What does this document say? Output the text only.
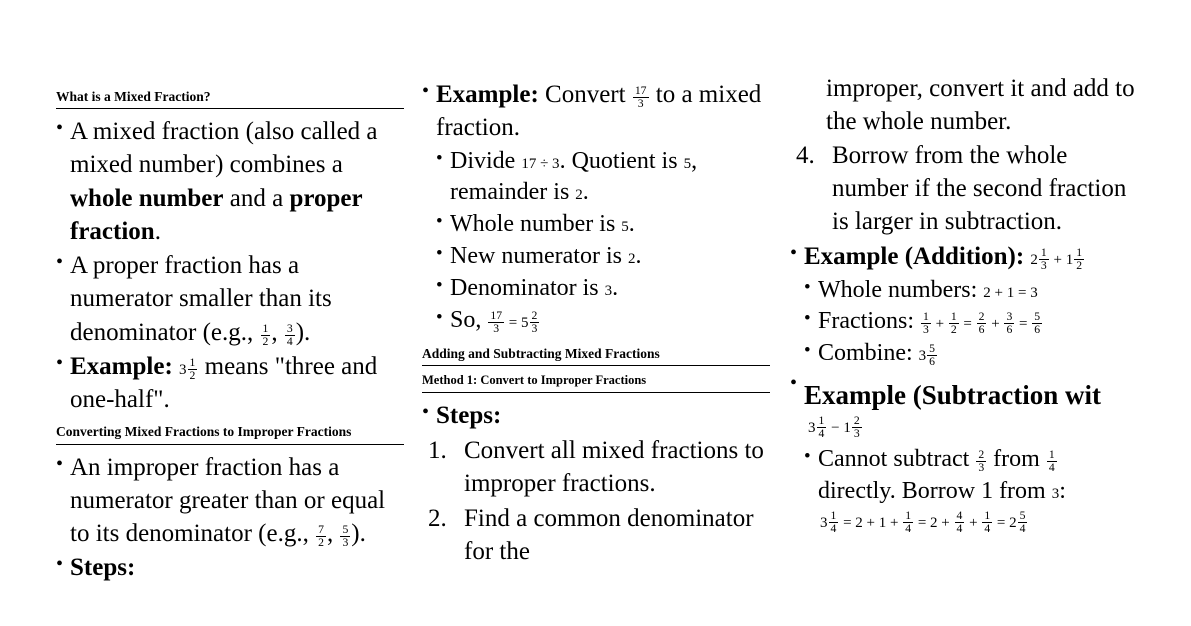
What is a Mixed Fraction?
• A mixed fraction (also called a mixed number) combines a whole number and a proper fraction.
• A proper fraction has a numerator smaller than its denominator (e.g., $\frac{1}{2}$ , $\frac{3}{4}$ ).
• Example: $3 \frac{1}{2}$ means "three and one-half".
Converting Mixed Fractions to Improper Fractions
• An improper fraction has a numerator greater than or equal to its denominator (e.g., $\frac{7}{2}$ , $\frac{5}{3}$ ).
• Steps:
• Example: Convert $\frac{17}{3}$ to a mixed fraction.
• Divide 17 ÷ 3. Quotient is 5, remainder is 2.
• Whole number is 5.
• New numerator is 2.
• Denominator is 3.
• So, $\frac{17}{3} = 5 \frac{2}{3}$
Adding and Subtracting Mixed Fractions
Method 1: Convert to Improper Fractions
• Steps:
Convert all mixed fractions to improper fractions.
Find a common denominator for the
improper, convert it and add to the whole number.
Borrow from the whole number if the second fraction is larger in subtraction.
• Example (Addition): $2 \frac{1}{3} + 1 \frac{1}{2}$
• Whole numbers: 2 + 1 = 3
• Fractions: $\frac{1}{3} + \frac{1}{2} = \frac{2}{6} + \frac{3}{6} = \frac{5}{6}$
• Combine: $3 \frac{5}{6}$
•
Example (Subtraction wit
$3 \frac{1}{4} - 1 \frac{2}{3}$
• Cannot subtract $\frac{2}{3}$ from $\frac{1}{4}$
directly. Borrow 1 from 3:
$3 \frac{1}{4} = 2 + 1 + \frac{1}{4} = 2 + \frac{4}{4} + \frac{1}{4} = 2 \frac{5}{4}$
